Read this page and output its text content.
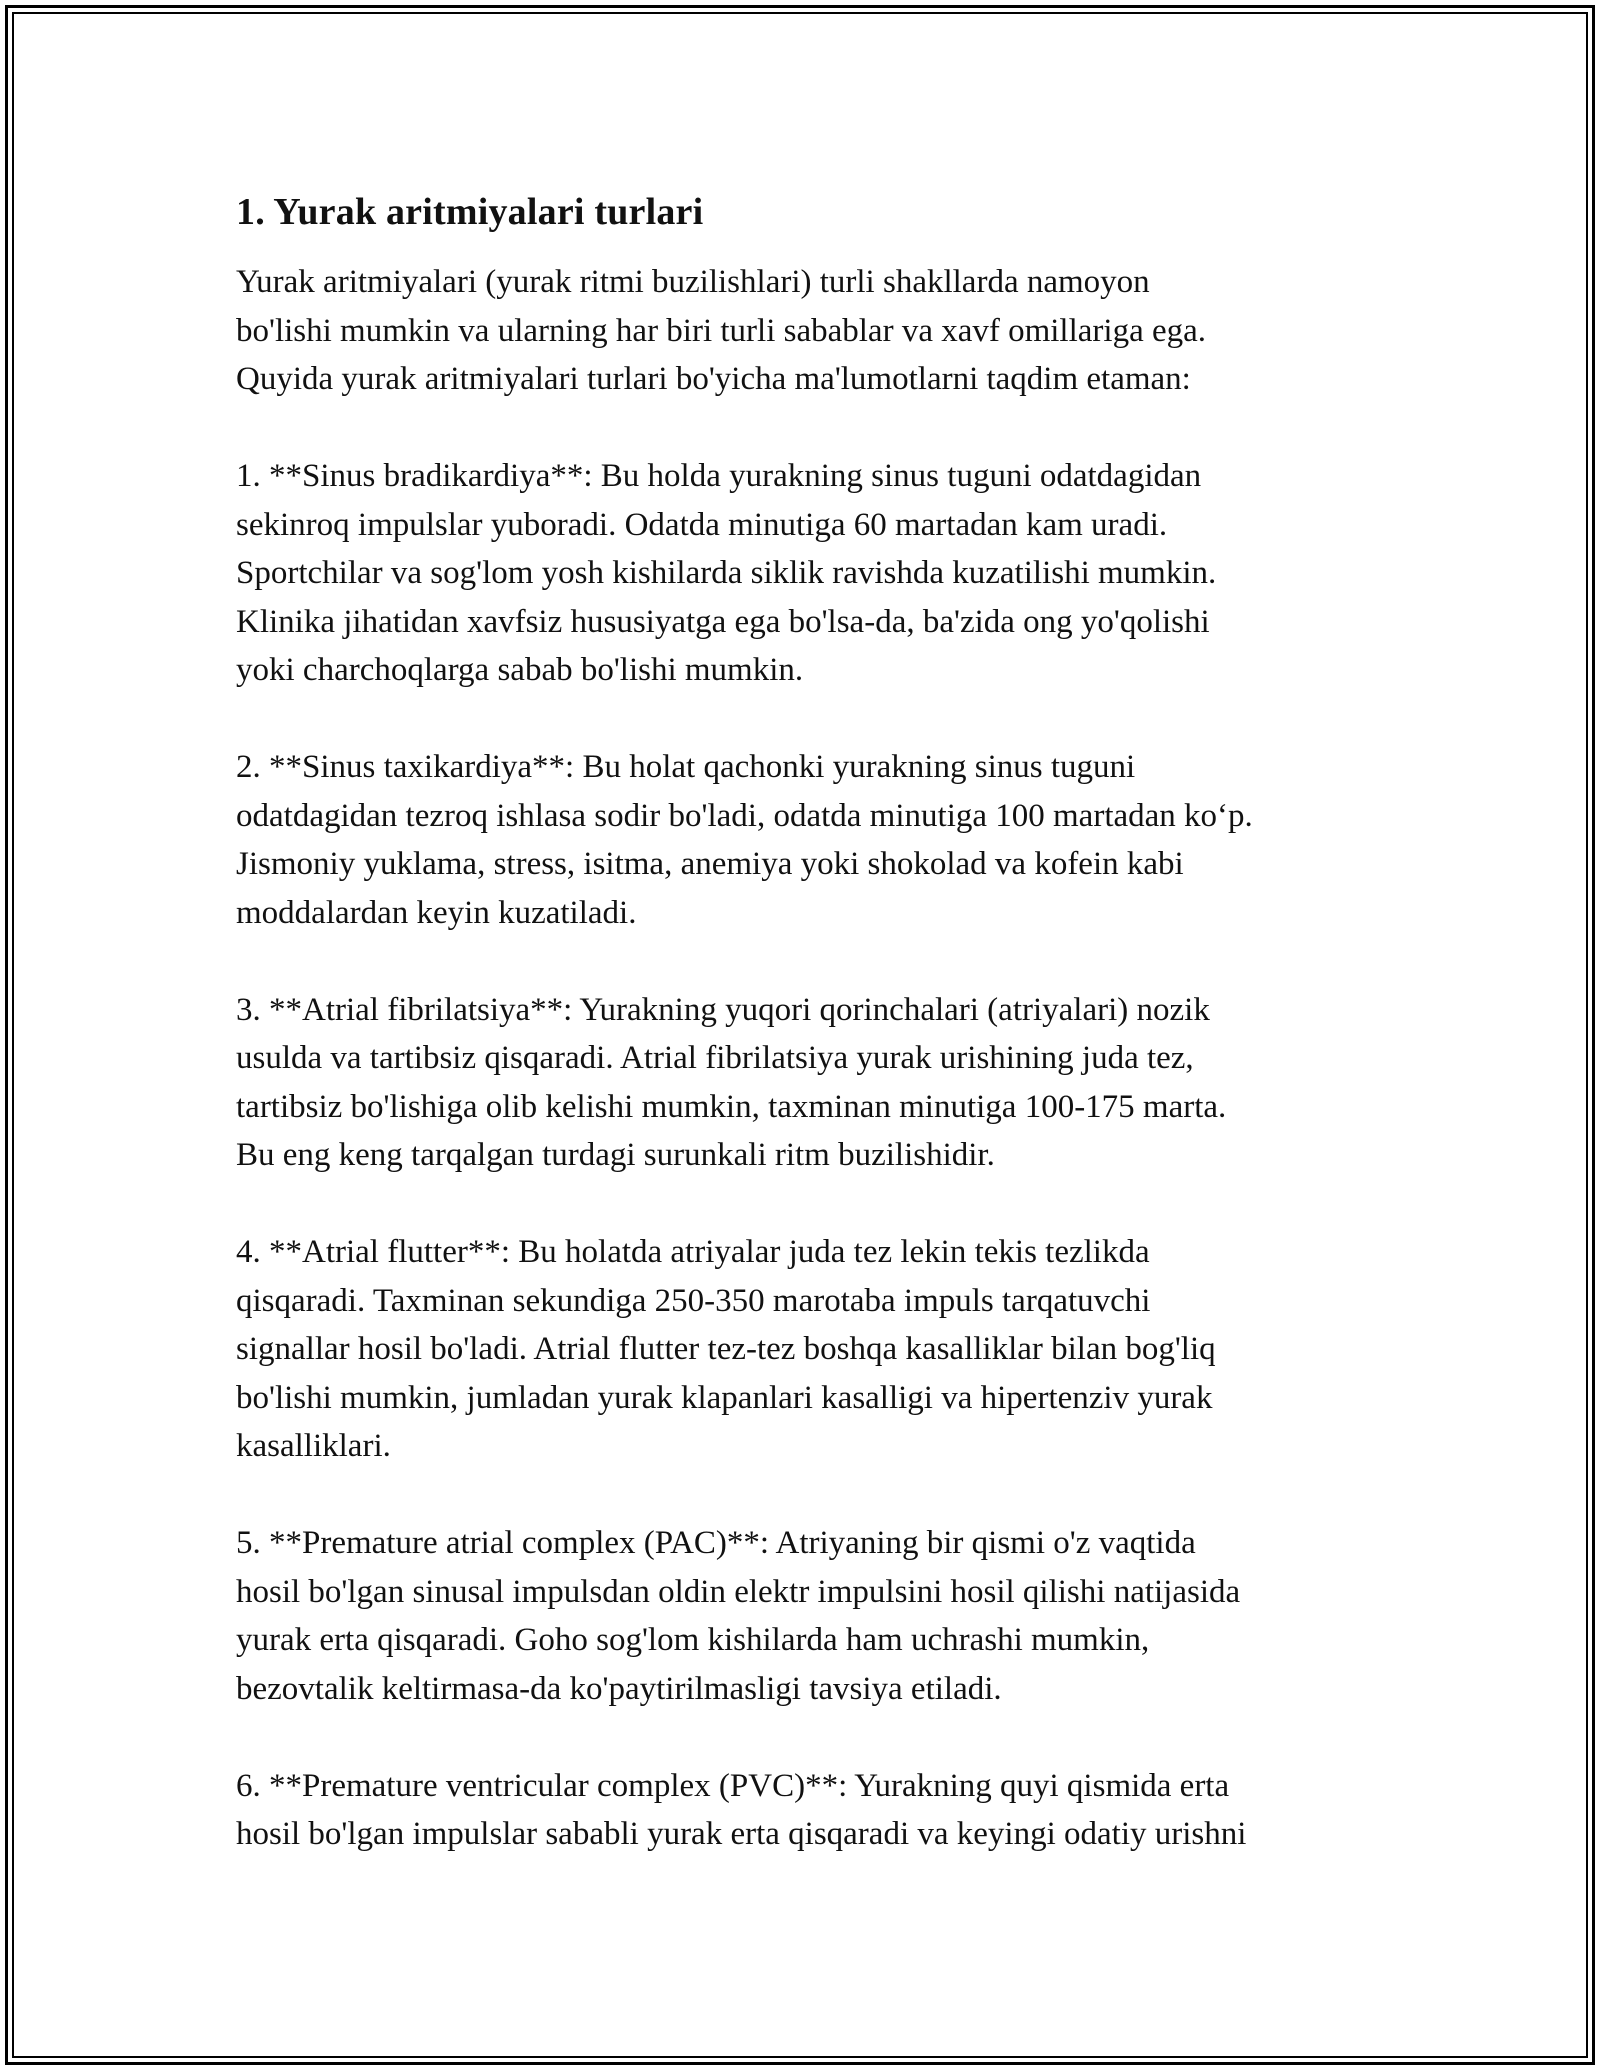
1. Yurak aritmiyalari turlari

Yurak aritmiyalari (yurak ritmi buzilishlari) turli shakllarda namoyon
bo'lishi mumkin va ularning har biri turli sabablar va xavf omillariga ega.
Quyida yurak aritmiyalari turlari bo'yicha ma'lumotlarni taqdim etaman:

1. **Sinus bradikardiya**: Bu holda yurakning sinus tuguni odatdagidan
sekinroq impulslar yuboradi. Odatda minutiga 60 martadan kam uradi.
Sportchilar va sog'lom yosh kishilarda siklik ravishda kuzatilishi mumkin.
Klinika jihatidan xavfsiz hususiyatga ega bo'lsa-da, ba'zida ong yo'qolishi
yoki charchoqlarga sabab bo'lishi mumkin.

2. **Sinus taxikardiya**: Bu holat qachonki yurakning sinus tuguni
odatdagidan tezroq ishlasa sodir bo'ladi, odatda minutiga 100 martadan ko‘p.
Jismoniy yuklama, stress, isitma, anemiya yoki shokolad va kofein kabi
moddalardan keyin kuzatiladi.

3. **Atrial fibrilatsiya**: Yurakning yuqori qorinchalari (atriyalari) nozik
usulda va tartibsiz qisqaradi. Atrial fibrilatsiya yurak urishining juda tez,
tartibsiz bo'lishiga olib kelishi mumkin, taxminan minutiga 100-175 marta.
Bu eng keng tarqalgan turdagi surunkali ritm buzilishidir.

4. **Atrial flutter**: Bu holatda atriyalar juda tez lekin tekis tezlikda
qisqaradi. Taxminan sekundiga 250-350 marotaba impuls tarqatuvchi
signallar hosil bo'ladi. Atrial flutter tez-tez boshqa kasalliklar bilan bog'liq
bo'lishi mumkin, jumladan yurak klapanlari kasalligi va hipertenziv yurak
kasalliklari.

5. **Premature atrial complex (PAC)**: Atriyaning bir qismi o'z vaqtida
hosil bo'lgan sinusal impulsdan oldin elektr impulsini hosil qilishi natijasida
yurak erta qisqaradi. Goho sog'lom kishilarda ham uchrashi mumkin,
bezovtalik keltirmasa-da ko'paytirilmasligi tavsiya etiladi.

6. **Premature ventricular complex (PVC)**: Yurakning quyi qismida erta
hosil bo'lgan impulslar sababli yurak erta qisqaradi va keyingi odatiy urishni
